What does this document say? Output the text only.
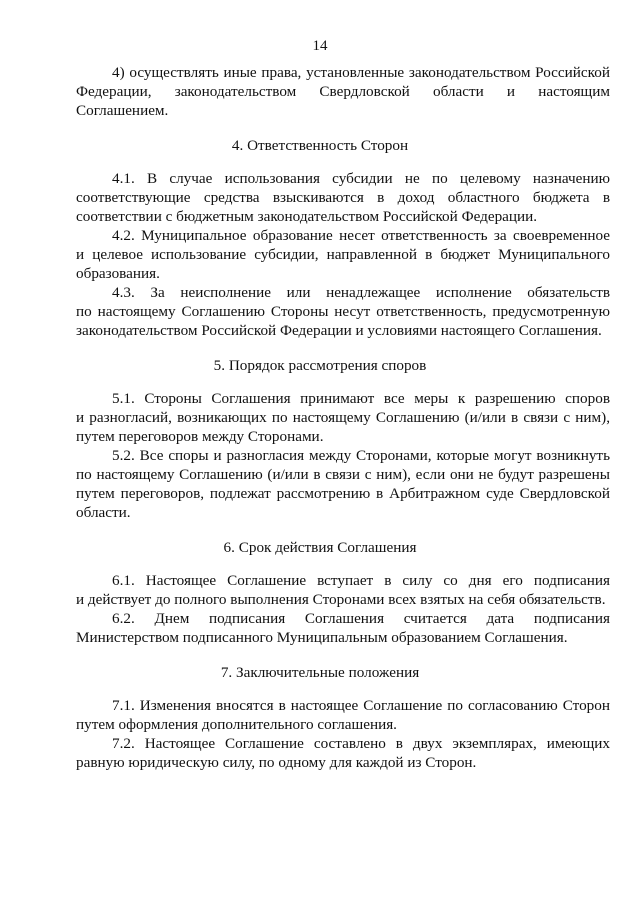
14
4) осуществлять иные права, установленные законодательством Российской
Федерации, законодательством Свердловской области и настоящим
Соглашением.
4. Ответственность Сторон
4.1. В случае использования субсидии не по целевому назначению
соответствующие средства взыскиваются в доход областного бюджета в
соответствии с бюджетным законодательством Российской Федерации.
4.2. Муниципальное образование несет ответственность за своевременное
и целевое использование субсидии, направленной в бюджет Муниципального
образования.
4.3. За неисполнение или ненадлежащее исполнение обязательств
по настоящему Соглашению Стороны несут ответственность, предусмотренную
законодательством Российской Федерации и условиями настоящего Соглашения.
5. Порядок рассмотрения споров
5.1. Стороны Соглашения принимают все меры к разрешению споров
и разногласий, возникающих по настоящему Соглашению (и/или в связи с ним),
путем переговоров между Сторонами.
5.2. Все споры и разногласия между Сторонами, которые могут возникнуть
по настоящему Соглашению (и/или в связи с ним), если они не будут разрешены
путем переговоров, подлежат рассмотрению в Арбитражном суде Свердловской
области.
6. Срок действия Соглашения
6.1. Настоящее Соглашение вступает в силу со дня его подписания
и действует до полного выполнения Сторонами всех взятых на себя обязательств.
6.2. Днем подписания Соглашения считается дата подписания
Министерством подписанного Муниципальным образованием Соглашения.
7. Заключительные положения
7.1. Изменения вносятся в настоящее Соглашение по согласованию Сторон
путем оформления дополнительного соглашения.
7.2. Настоящее Соглашение составлено в двух экземплярах, имеющих
равную юридическую силу, по одному для каждой из Сторон.
